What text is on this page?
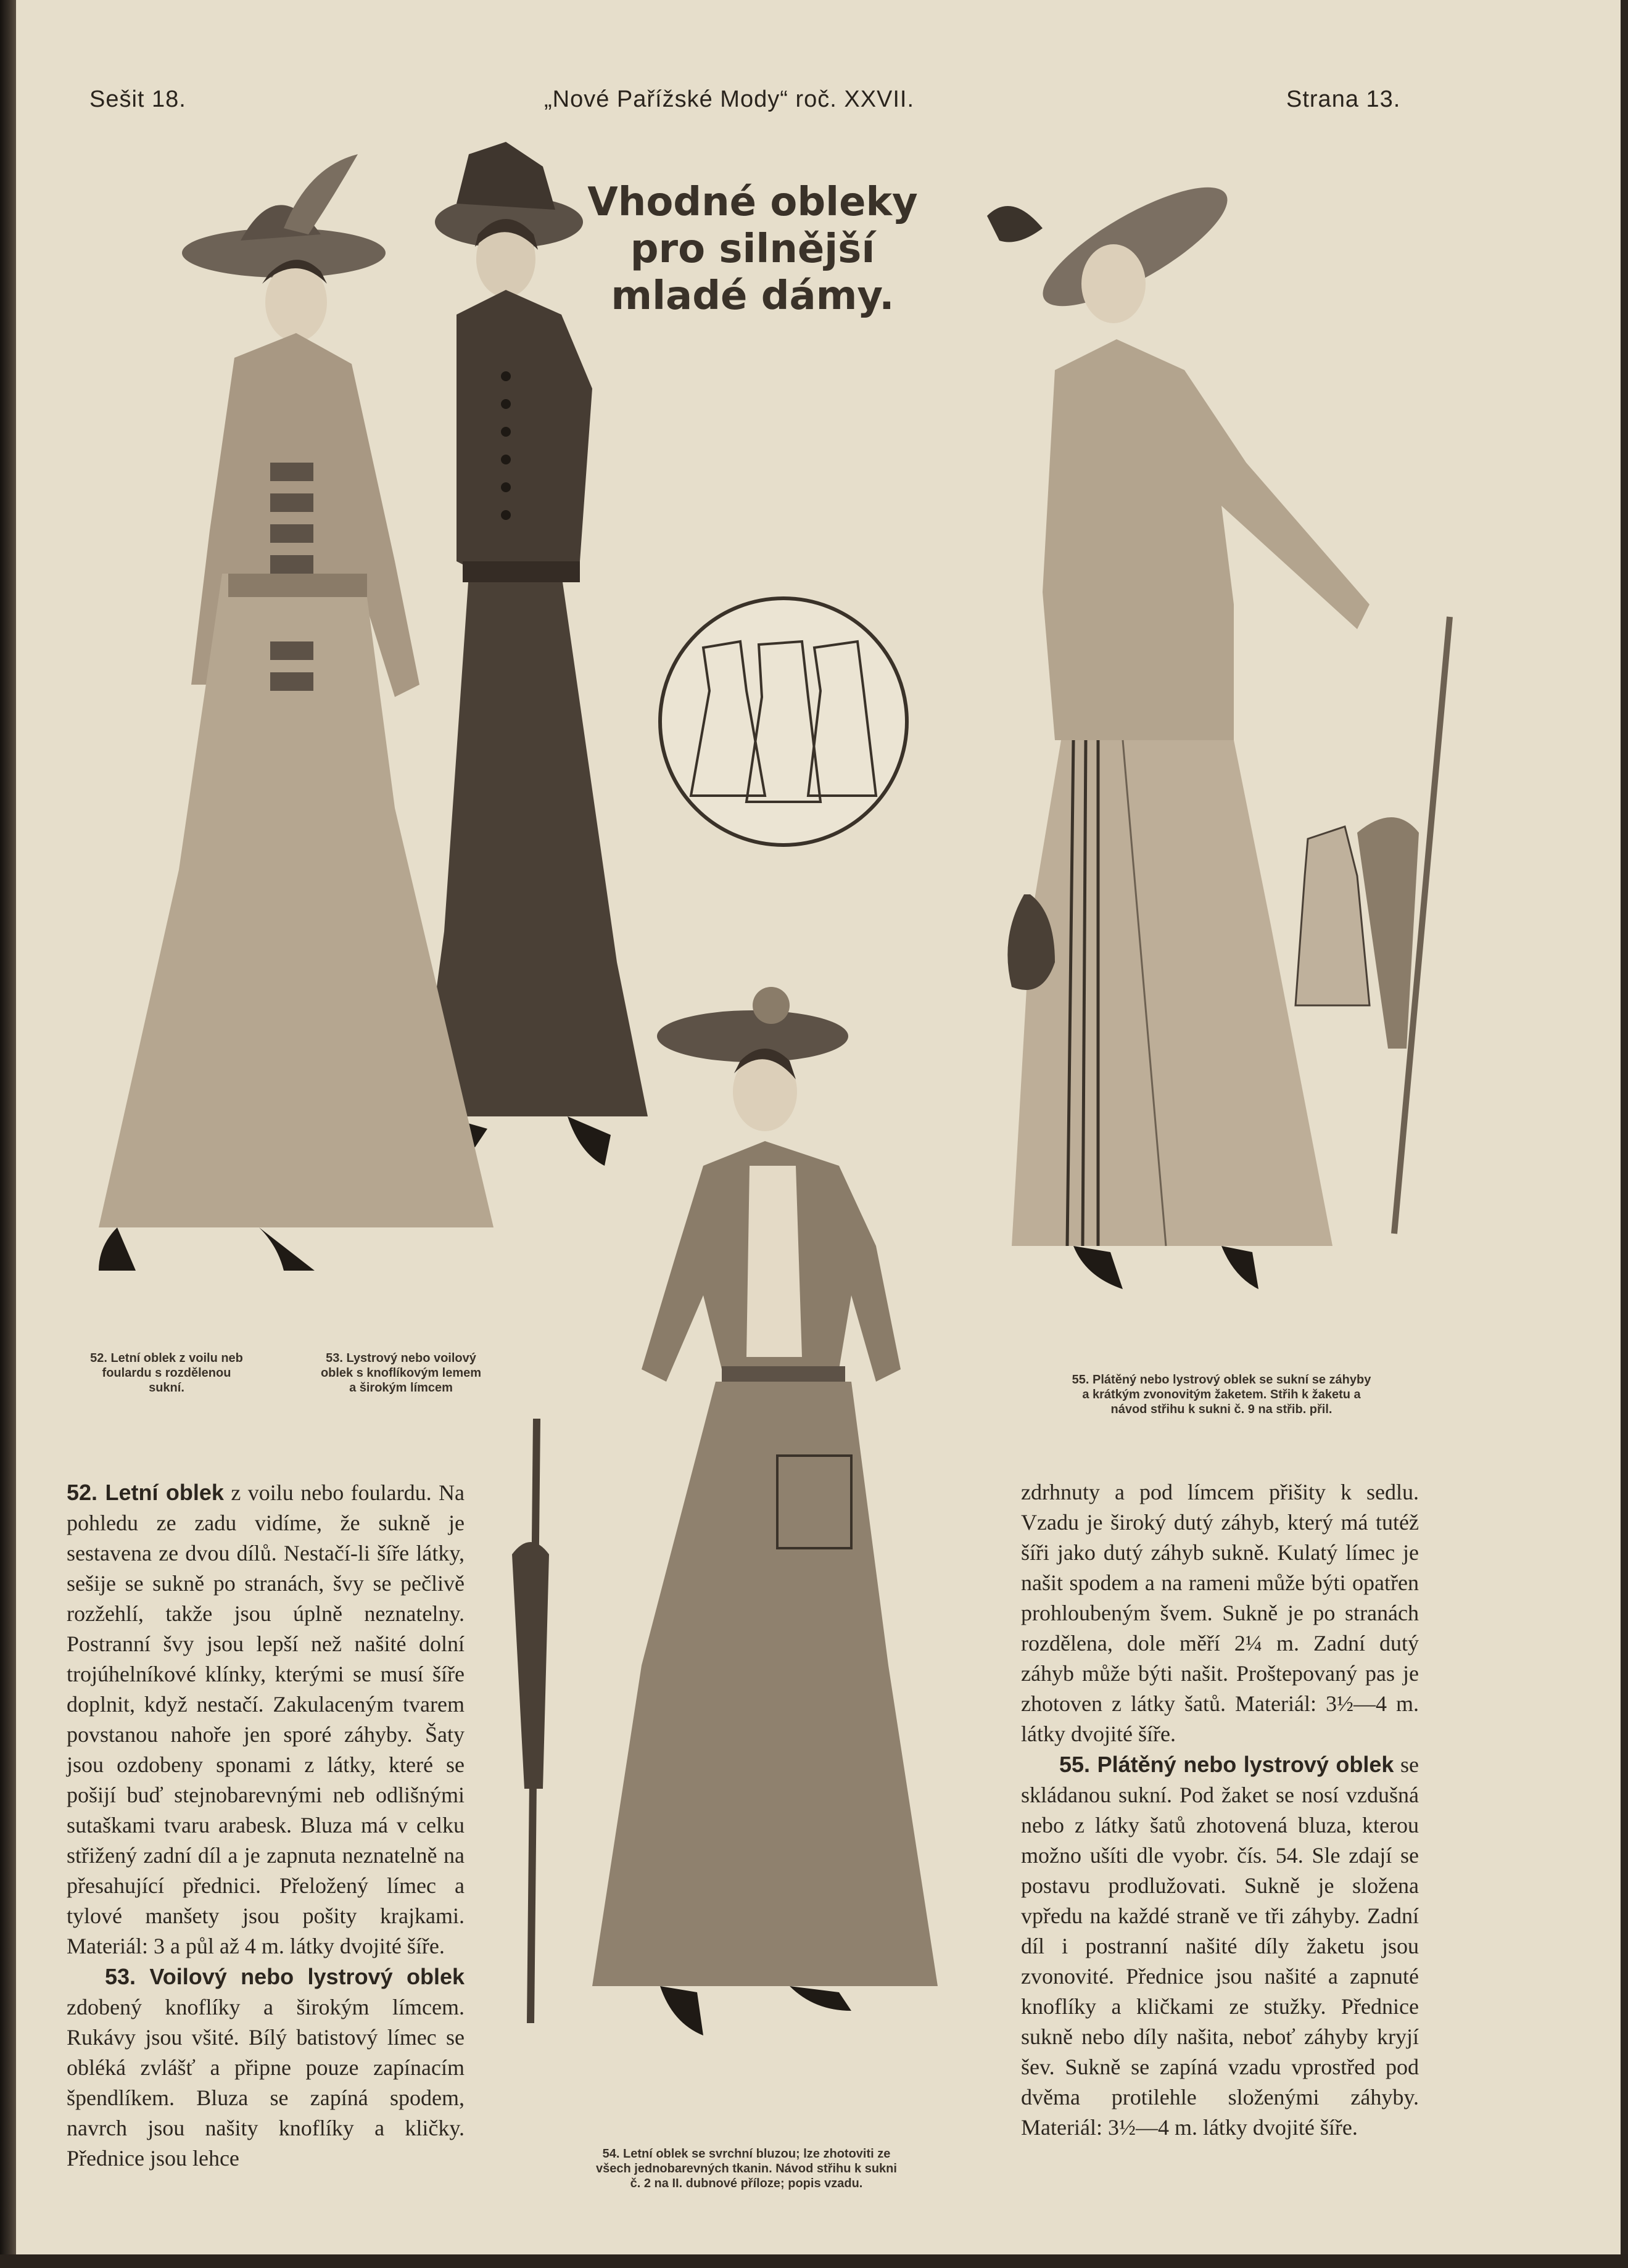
Sešit 18.	„Nové Pařížské Mody“ roč. XXVII.	Strana 13.
Vhodné obleky
pro silnější
mladé dámy.
52. Letní oblek z voilu neb
foulardu s rozdělenou
sukní.
53. Lystrový nebo voilový
oblek s knoflíkovým lemem
a širokým límcem
55. Plátěný nebo lystrový oblek se sukní se záhyby
a krátkým zvonovitým žaketem. Střih k žaketu a
návod střihu k sukni č. 9 na střib. přil.
54. Letní oblek se svrchní bluzou; lze zhotoviti ze
všech jednobarevných tkanin. Návod střihu k sukni
č. 2 na II. dubnové příloze; popis vzadu.

52. Letní oblek z voilu nebo foulardu. Na pohledu ze zadu vidíme, že sukně je sestavena ze dvou dílů. Nestačí-li šíře látky, sešije se sukně po stranách, švy se pečlivě rozžehlí, takže jsou úplně neznatelny. Postranní švy jsou lepší než našité dolní trojúhelníkové klínky, kterými se musí šíře doplnit, když nestačí. Zakulaceným tvarem povstanou nahoře jen sporé záhyby. Šaty jsou ozdobeny sponami z látky, které se pošijí buď stejnobarevnými neb odlišnými sutaškami tvaru arabesk. Bluza má v celku střižený zadní díl a je zapnuta neznatelně na přesahující přednici. Přeložený límec a tylové manšety jsou pošity krajkami. Materiál: 3 a půl až 4 m. látky dvojité šíře.

53. Voilový nebo lystrový oblek zdobený knoflíky a širokým límcem. Rukávy jsou všité. Bílý batistový límec se obléká zvlášť a připne pouze zapínacím špendlíkem. Bluza se zapíná spodem, navrch jsou našity knoflíky a kličky. Přednice jsou lehce

zdrhnuty a pod límcem přišity k sedlu. Vzadu je široký dutý záhyb, který má tutéž šíři jako dutý záhyb sukně. Kulatý límec je našit spodem a na rameni může býti opatřen prohloubeným švem. Sukně je po stranách rozdělena, dole měří 2¼ m. Zadní dutý záhyb může býti našit. Proštepovaný pas je zhotoven z látky šatů. Materiál: 3½—4 m. látky dvojité šíře.

55. Plátěný nebo lystrový oblek se skládanou sukní. Pod žaket se nosí vzdušná nebo z látky šatů zhotovená bluza, kterou možno ušíti dle vyobr. čís. 54. Sle zdají se postavu prodlužovati. Sukně je složena vpředu na každé straně ve tři záhyby. Zadní díl i postranní našité díly žaketu jsou zvonovité. Přednice jsou našité a zapnuté knoflíky a kličkami ze stužky. Přednice sukně nebo díly našita, neboť záhyby kryjí šev. Sukně se zapíná vzadu vprostřed pod dvěma protilehle složenými záhyby. Materiál: 3½—4 m. látky dvojité šíře.
